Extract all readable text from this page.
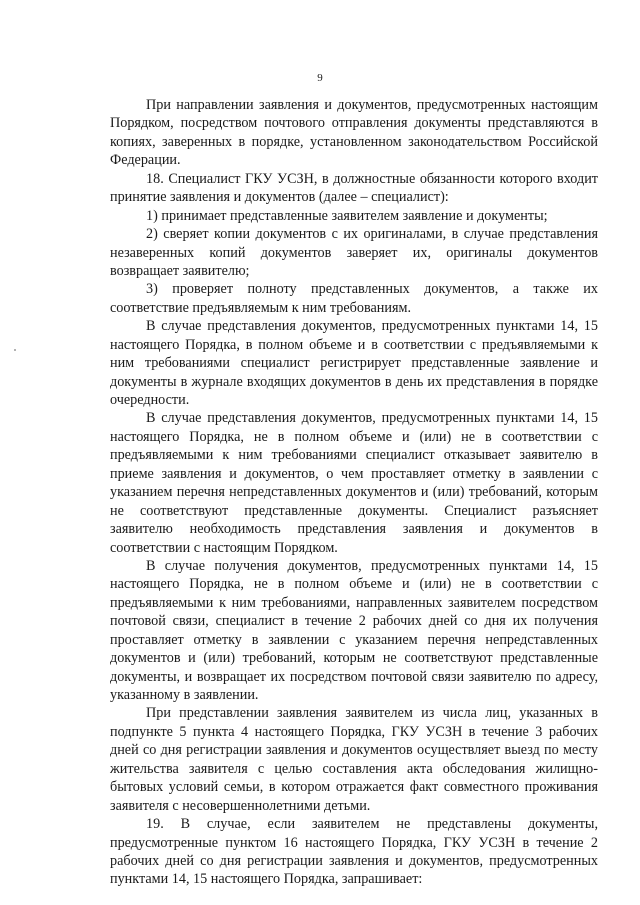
9
При направлении заявления и документов, предусмотренных настоящим
Порядком, посредством почтового отправления документы представляются в
копиях, заверенных в порядке, установленном законодательством Российской
Федерации.
18. Специалист ГКУ УСЗН, в должностные обязанности которого входит
принятие заявления и документов (далее – специалист):
1) принимает представленные заявителем заявление и документы;
2) сверяет копии документов с их оригиналами, в случае представления
незаверенных копий документов заверяет их, оригиналы документов
возвращает заявителю;
3) проверяет полноту представленных документов, а также их
соответствие предъявляемым к ним требованиям.
В случае представления документов, предусмотренных пунктами 14, 15
настоящего Порядка, в полном объеме и в соответствии с предъявляемыми к
ним требованиями специалист регистрирует представленные заявление и
документы в журнале входящих документов в день их представления в порядке
очередности.
В случае представления документов, предусмотренных пунктами 14, 15
настоящего Порядка, не в полном объеме и (или) не в соответствии с
предъявляемыми к ним требованиями специалист отказывает заявителю в
приеме заявления и документов, о чем проставляет отметку в заявлении с
указанием перечня непредставленных документов и (или) требований, которым
не соответствуют представленные документы. Специалист разъясняет
заявителю необходимость представления заявления и документов в
соответствии с настоящим Порядком.
В случае получения документов, предусмотренных пунктами 14, 15
настоящего Порядка, не в полном объеме и (или) не в соответствии с
предъявляемыми к ним требованиями, направленных заявителем посредством
почтовой связи, специалист в течение 2 рабочих дней со дня их получения
проставляет отметку в заявлении с указанием перечня непредставленных
документов и (или) требований, которым не соответствуют представленные
документы, и возвращает их посредством почтовой связи заявителю по адресу,
указанному в заявлении.
При представлении заявления заявителем из числа лиц, указанных в
подпункте 5 пункта 4 настоящего Порядка, ГКУ УСЗН в течение 3 рабочих
дней со дня регистрации заявления и документов осуществляет выезд по месту
жительства заявителя с целью составления акта обследования жилищно-
бытовых условий семьи, в котором отражается факт совместного проживания
заявителя с несовершеннолетними детьми.
19. В случае, если заявителем не представлены документы,
предусмотренные пунктом 16 настоящего Порядка, ГКУ УСЗН в течение 2
рабочих дней со дня регистрации заявления и документов, предусмотренных
пунктами 14, 15 настоящего Порядка, запрашивает:
